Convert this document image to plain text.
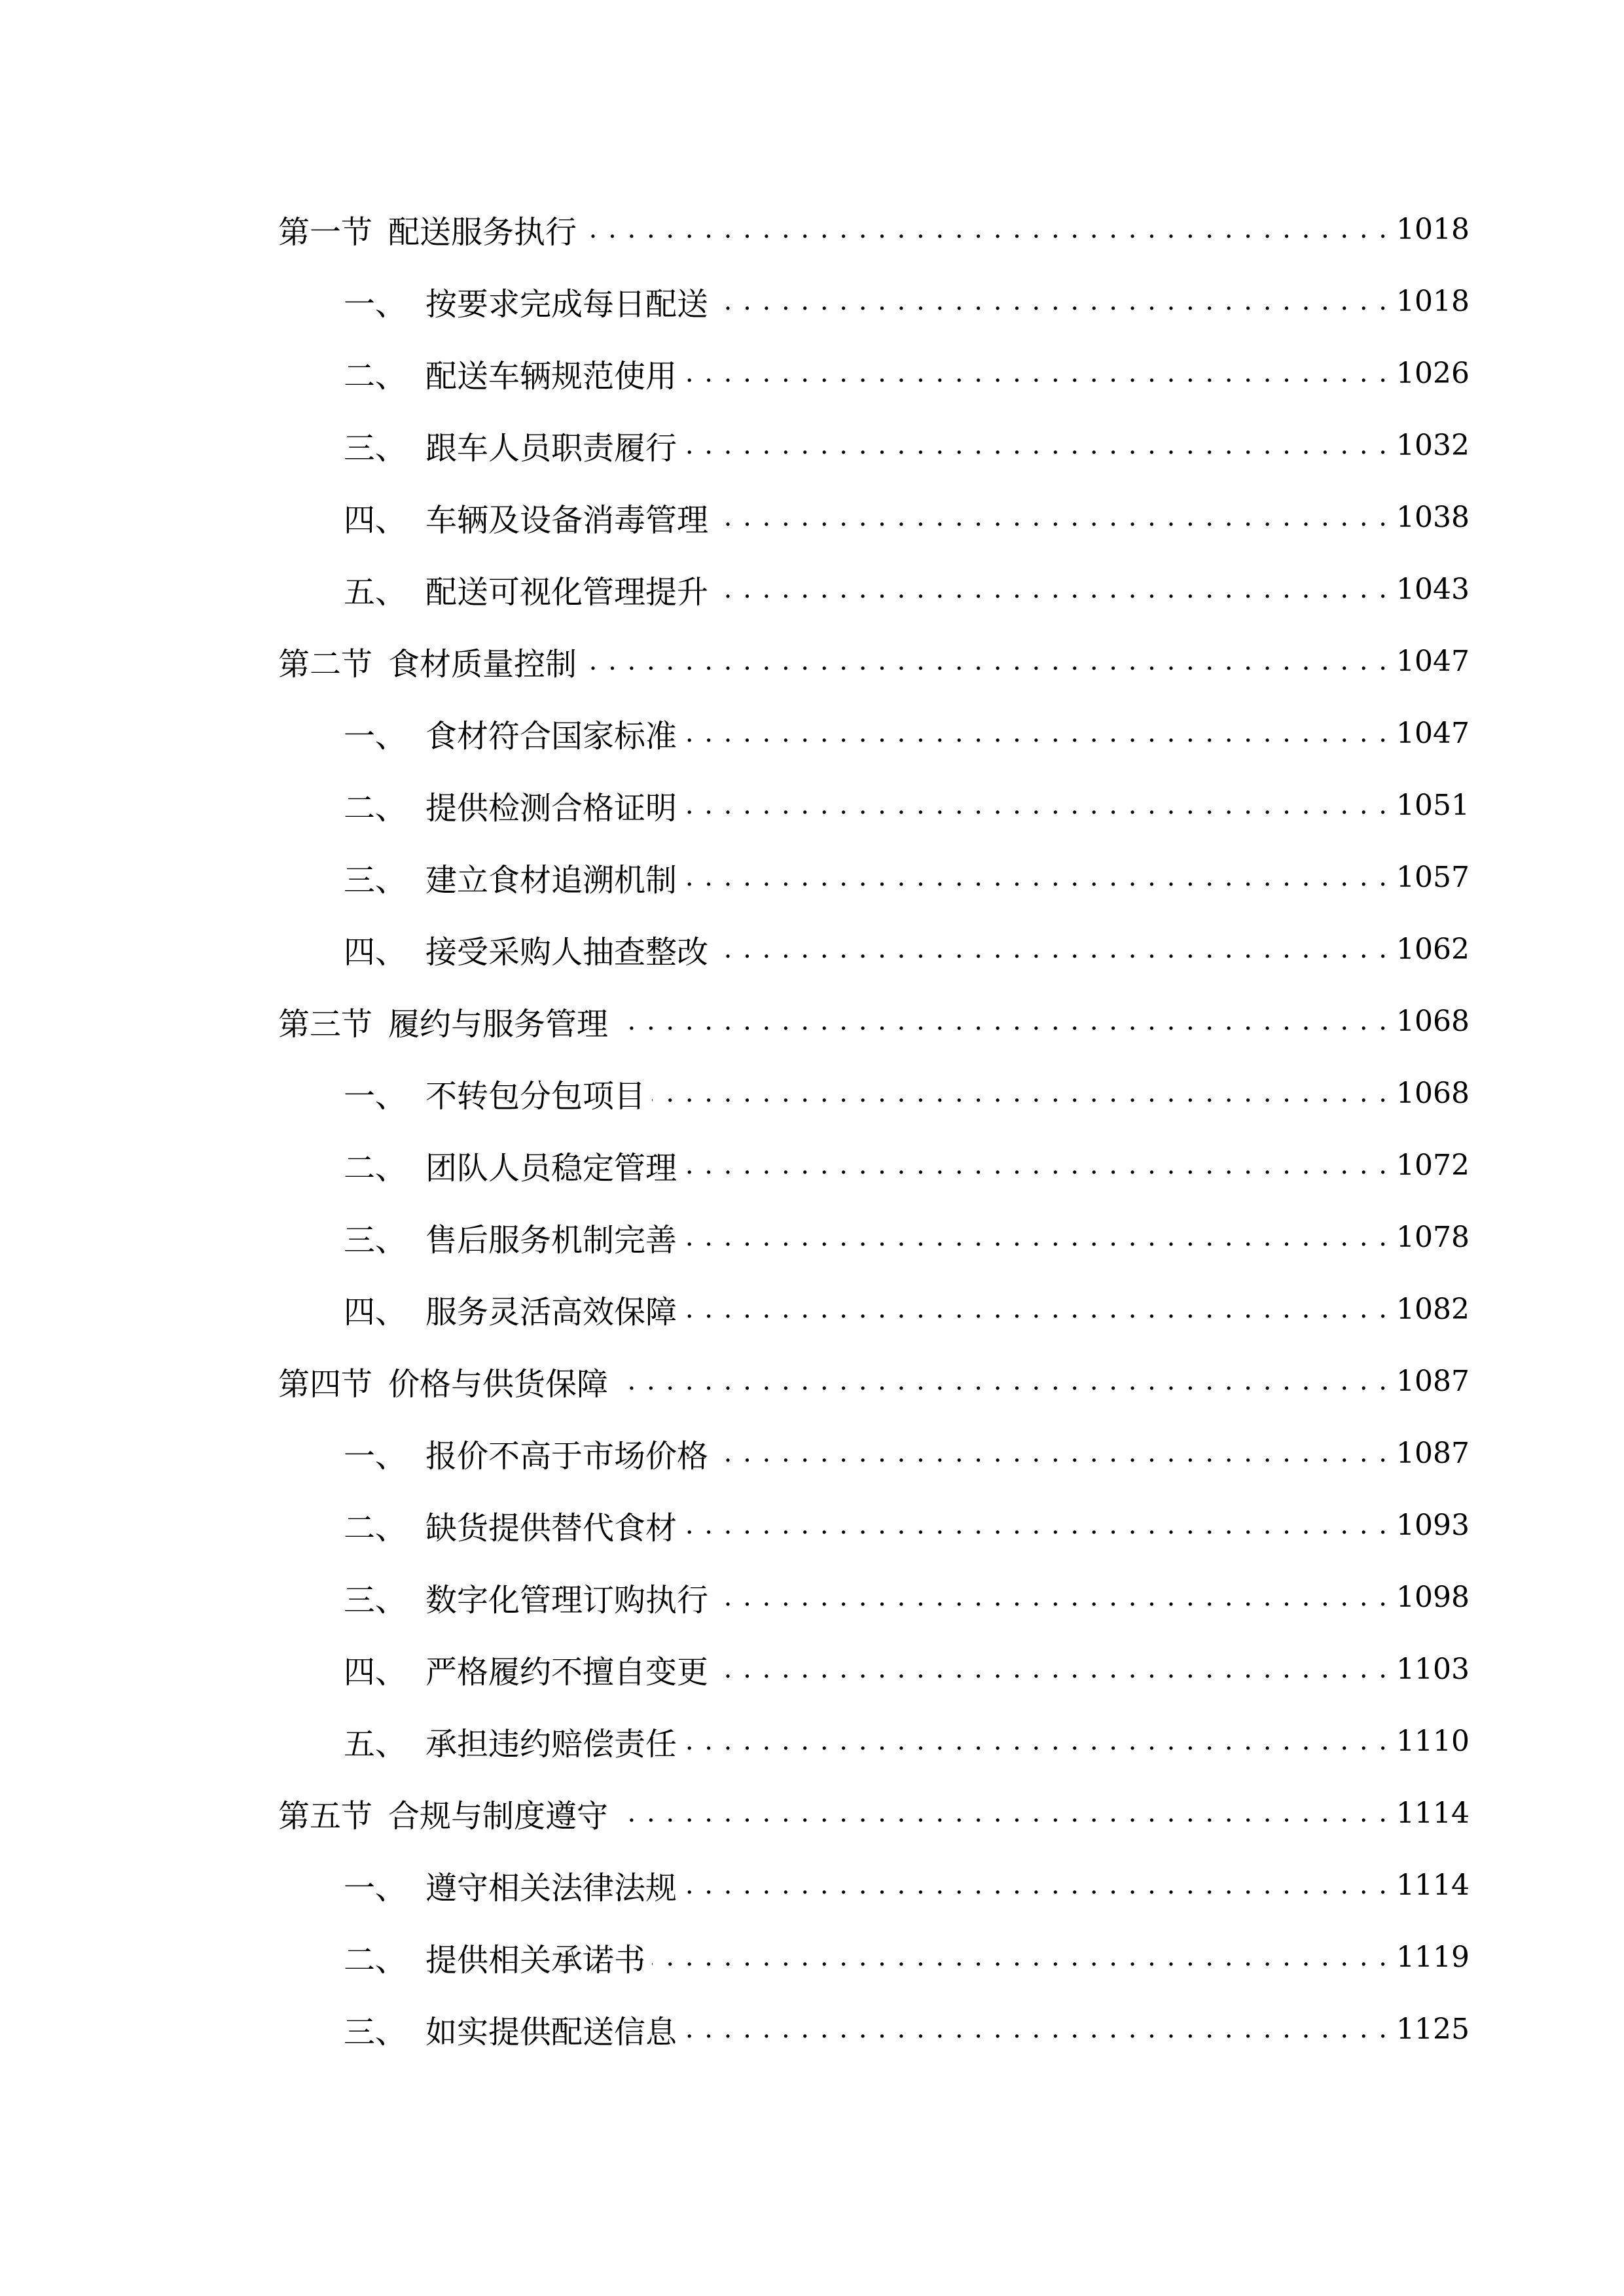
第一节 配送服务执行 . . .	1018
一、 按要求完成每日配送 . . .	1018
二、 配送车辆规范使用 . . .	1026
三、 跟车人员职责履行 . . .	1032
四、 车辆及设备消毒管理 . . .	1038
五、 配送可视化管理提升 . . .	1043
第二节 食材质量控制 . . .	1047
一、 食材符合国家标准 . . .	1047
二、 提供检测合格证明 . . .	1051
三、 建立食材追溯机制 . . .	1057
四、 接受采购人抽查整改 . . .	1062
第三节 履约与服务管理 . . .	1068
一、 不转包分包项目 . . .	1068
二、 团队人员稳定管理 . . .	1072
三、 售后服务机制完善 . . .	1078
四、 服务灵活高效保障 . . .	1082
第四节 价格与供货保障 . . .	1087
一、 报价不高于市场价格 . . .	1087
二、 缺货提供替代食材 . . .	1093
三、 数字化管理订购执行 . . .	1098
四、 严格履约不擅自变更 . . .	1103
五、 承担违约赔偿责任 . . .	1110
第五节 合规与制度遵守 . . .	1114
一、 遵守相关法律法规 . . .	1114
二、 提供相关承诺书 . . .	1119
三、 如实提供配送信息 . . .	1125
